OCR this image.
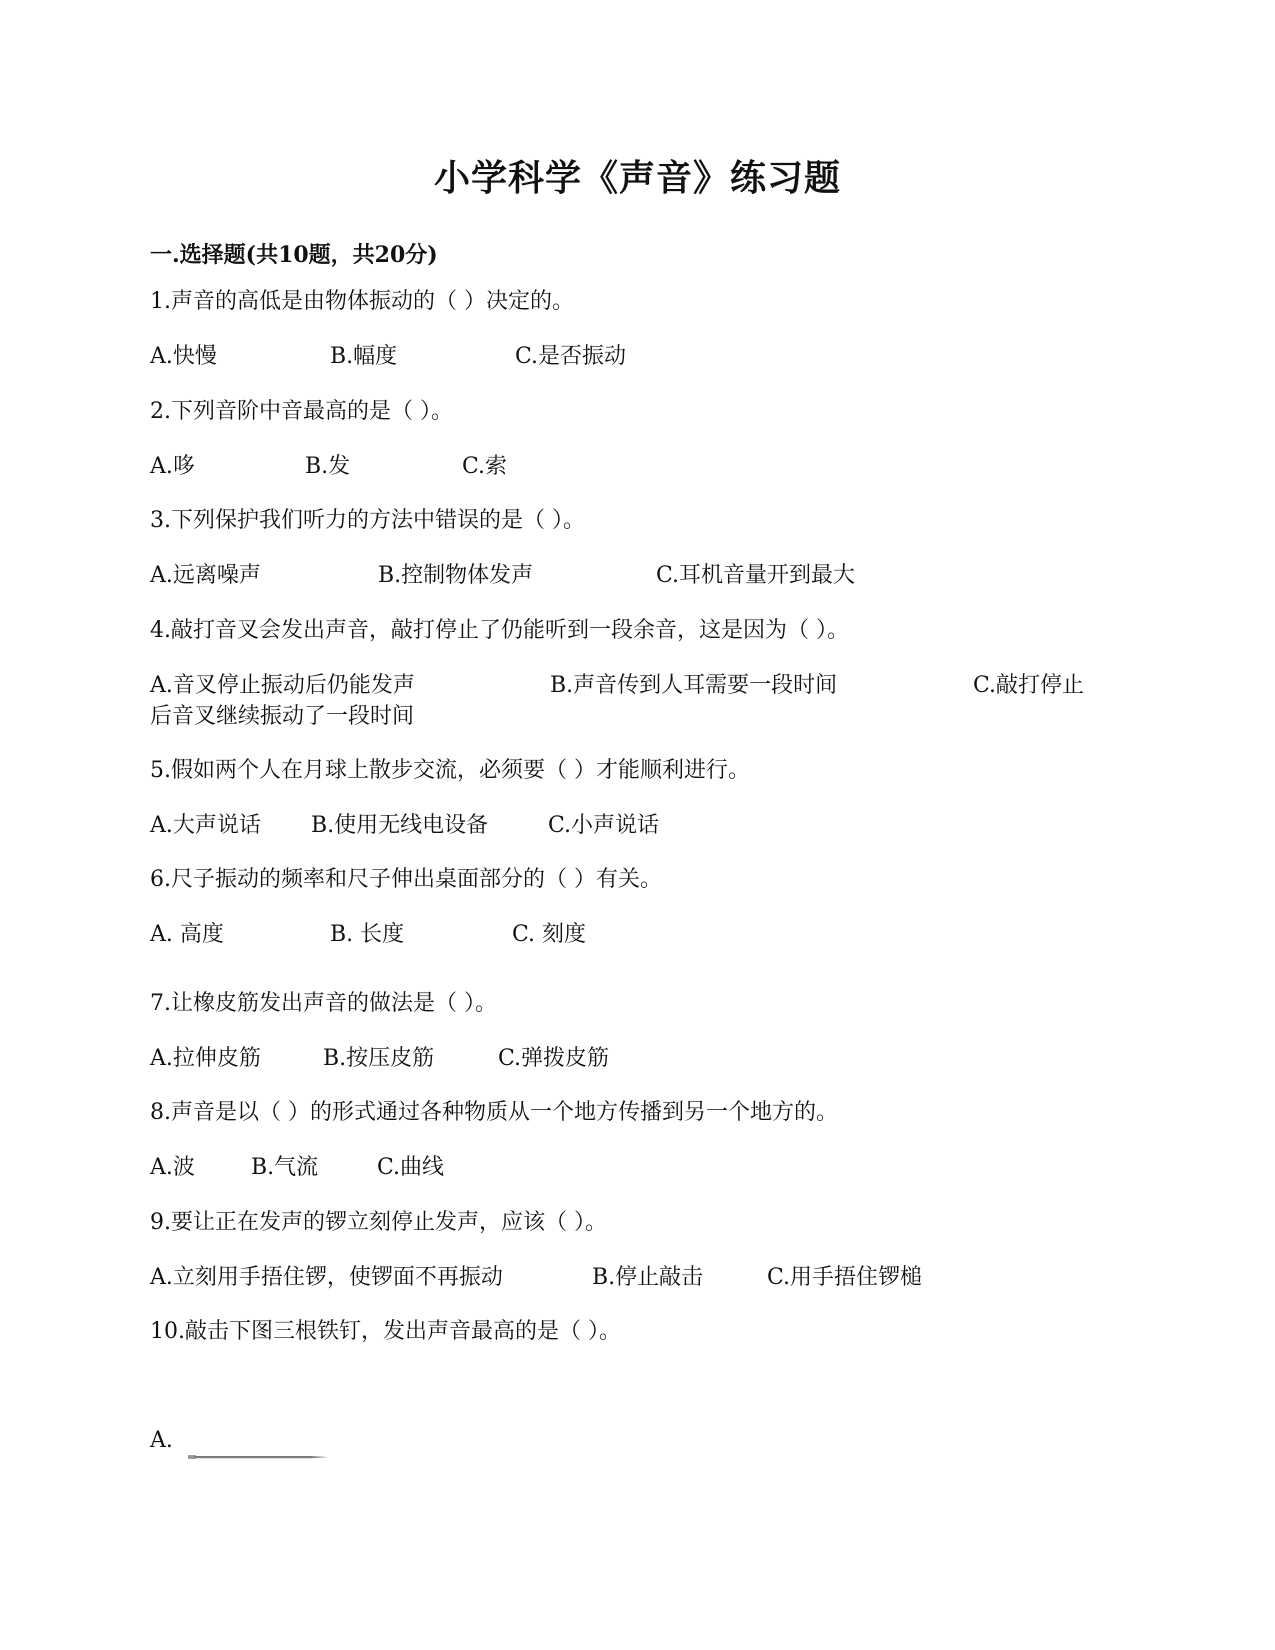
小学科学《声音》练习题
一.选择题(共10题，共20分)
1.声音的高低是由物体振动的（ ）决定的。
A.快慢	B.幅度	C.是否振动
2.下列音阶中音最高的是（ ）。
A.哆	B.发	C.索
3.下列保护我们听力的方法中错误的是（ ）。
A.远离噪声	B.控制物体发声	C.耳机音量开到最大
4.敲打音叉会发出声音，敲打停止了仍能听到一段余音，这是因为（ ）。
A.音叉停止振动后仍能发声	B.声音传到人耳需要一段时间	C.敲打停止
后音叉继续振动了一段时间
5.假如两个人在月球上散步交流，必须要（ ）才能顺利进行。
A.大声说话 B.使用无线电设备	C.小声说话
6.尺子振动的频率和尺子伸出桌面部分的（ ）有关。
A. 高度	B. 长度	C. 刻度
7.让橡皮筋发出声音的做法是（ ）。
A.拉伸皮筋	B.按压皮筋	C.弹拨皮筋
8.声音是以（ ）的形式通过各种物质从一个地方传播到另一个地方的。
A.波	B.气流	C.曲线
9.要让正在发声的锣立刻停止发声，应该（ ）。
A.立刻用手捂住锣，使锣面不再振动	B.停止敲击	C.用手捂住锣槌
10.敲击下图三根铁钉，发出声音最高的是（ ）。
A.
